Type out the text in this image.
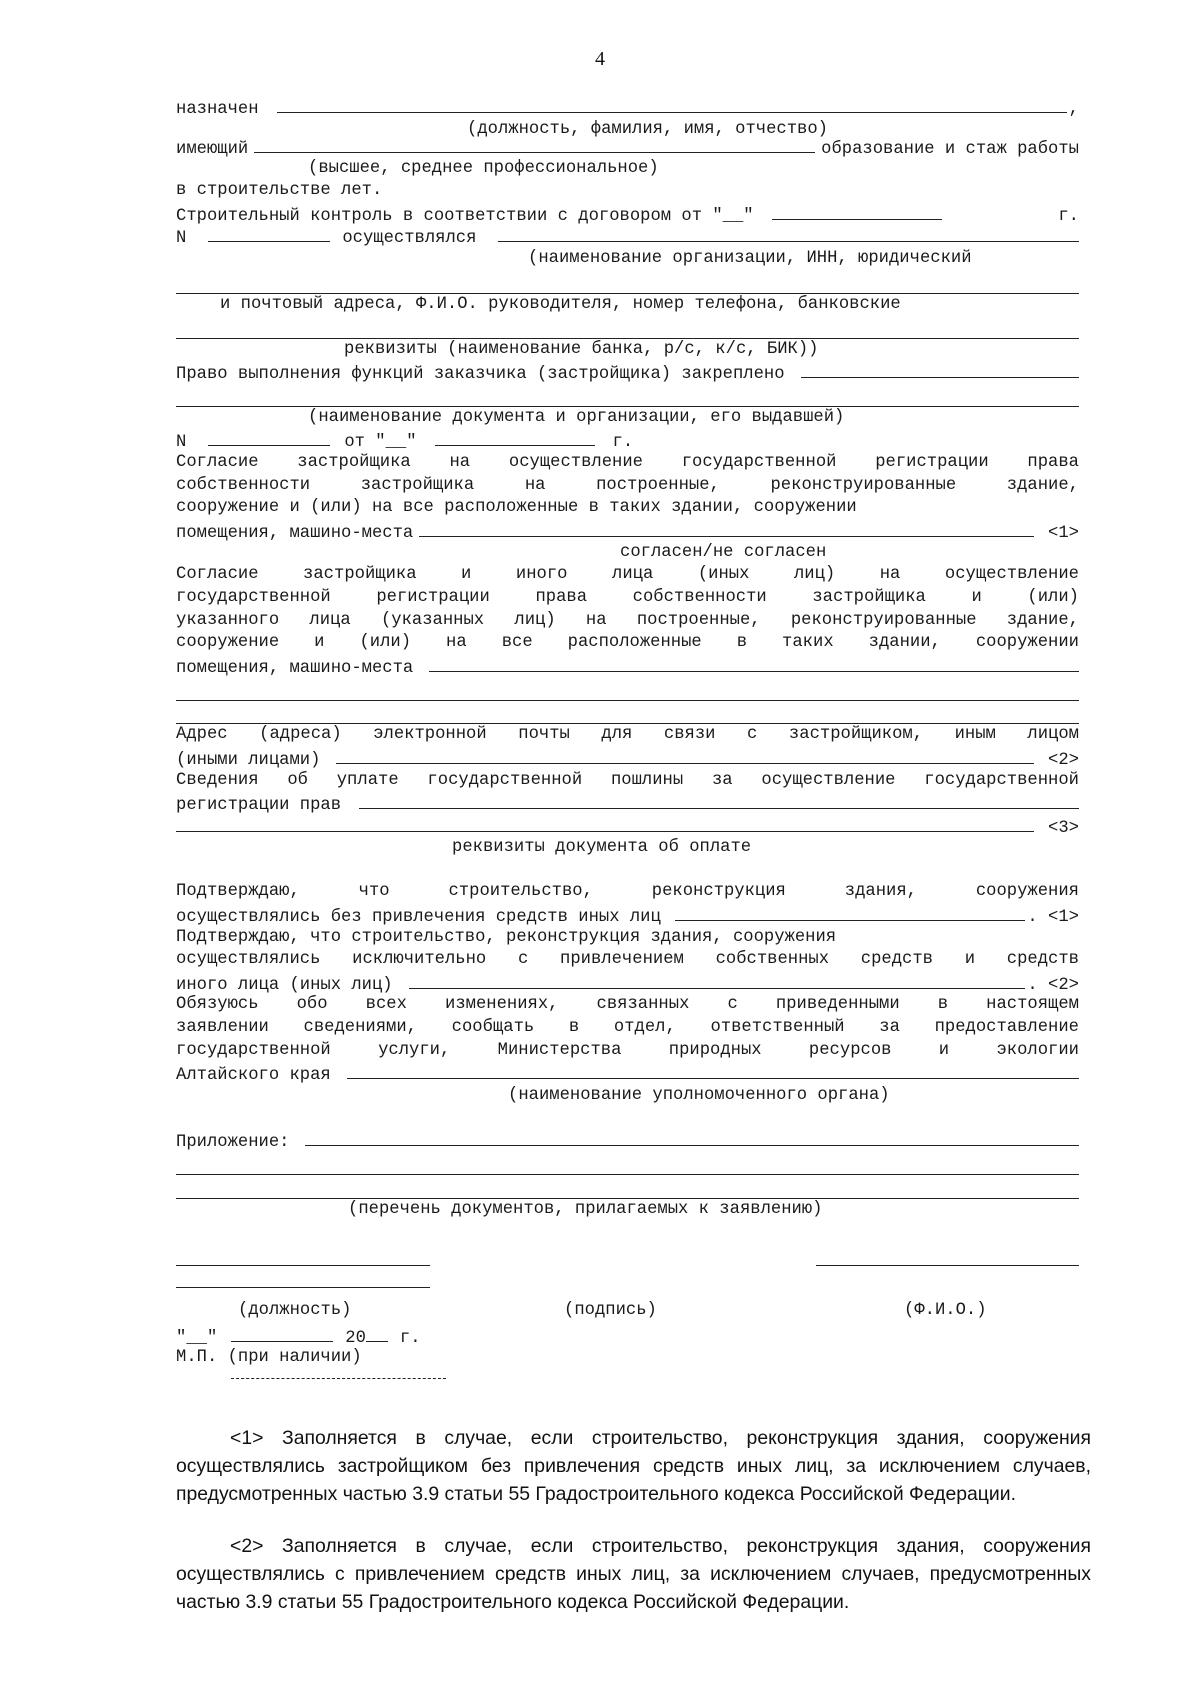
4
назначен	,
(должность, фамилия, имя, отчество)
имеющий	образование и стаж работы
(высшее, среднее профессиональное)
в строительстве лет.
Строительный контроль в соответствии с договором от "__"	г.
N	осуществлялся
(наименование организации, ИНН, юридический
и почтовый адреса, Ф.И.О. руководителя, номер телефона, банковские
реквизиты (наименование банка, р/с, к/с, БИК))
Право выполнения функций заказчика (застройщика) закреплено
(наименование документа и организации, его выдавшей)
N	от "__"	г.
Согласие застройщика на осуществление государственной регистрации права
собственности застройщика на построенные, реконструированные здание,
сооружение и (или) на все расположенные в таких здании, сооружении
помещения, машино-места	<1>
согласен/не согласен
Согласие застройщика и иного лица (иных лиц) на осуществление
государственной регистрации права собственности застройщика и (или)
указанного лица (указанных лиц) на построенные, реконструированные здание,
сооружение и (или) на все расположенные в таких здании, сооружении
помещения, машино-места
Адрес (адреса) электронной почты для связи с застройщиком, иным лицом
(иными лицами)	<2>
Сведения об уплате государственной пошлины за осуществление государственной
регистрации прав
<3>
реквизиты документа об оплате
Подтверждаю, что строительство, реконструкция здания, сооружения
осуществлялись без привлечения средств иных лиц	. <1>
Подтверждаю, что строительство, реконструкция здания, сооружения
осуществлялись исключительно с привлечением собственных средств и средств
иного лица (иных лиц)	. <2>
Обязуюсь обо всех изменениях, связанных с приведенными в настоящем
заявлении сведениями, сообщать в отдел, ответственный за предоставление
государственной услуги, Министерства природных ресурсов и экологии
Алтайского края
(наименование уполномоченного органа)
Приложение:
(перечень документов, прилагаемых к заявлению)
(должность)	(подпись)	(Ф.И.О.)
"__"	20 г.
М.П. (при наличии)

<1> Заполняется в случае, если строительство, реконструкция здания, сооружения осуществлялись застройщиком без привлечения средств иных лиц, за исключением случаев, предусмотренных частью 3.9 статьи 55 Градостроительного кодекса Российской Федерации.

<2> Заполняется в случае, если строительство, реконструкция здания, сооружения осуществлялись с привлечением средств иных лиц, за исключением случаев, предусмотренных частью 3.9 статьи 55 Градостроительного кодекса Российской Федерации.
